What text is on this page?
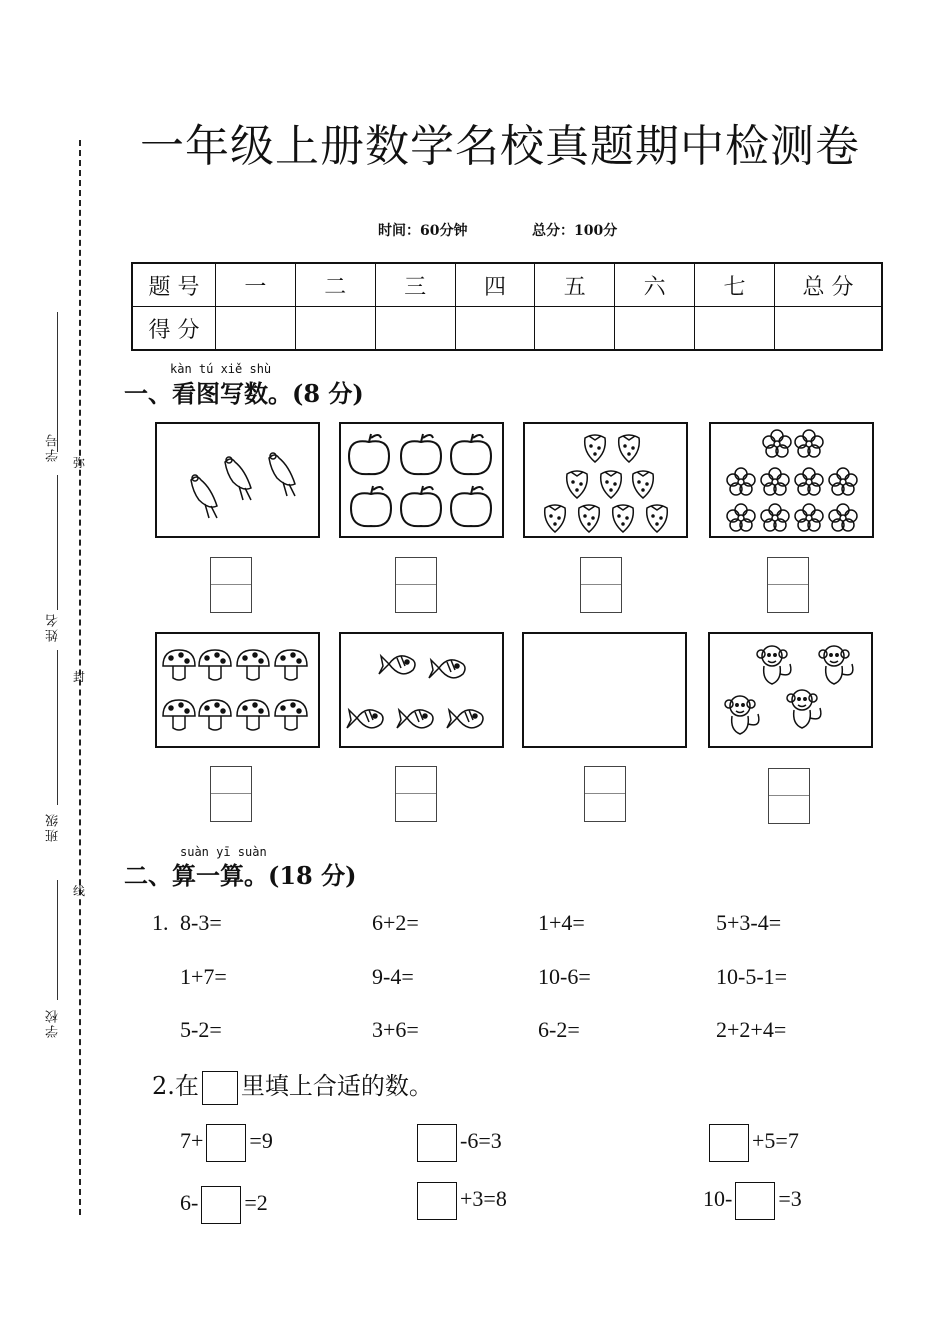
学号
姓名
班级
学校
弥
封
线
一年级上册数学名校真题期中检测卷
时间：60分钟	总分：100分
题 号	一	二	三	四	五	六	七	总 分
得 分								
kàn tú xiě shù
一、看图写数。(8 分)
suàn yī suàn
二、算一算。(18 分)
1. 8-3=	6+2=	1+4=	5+3-4=
1+7=	9-4=	10-6=	10-5-1=
5-2=	3+6=	6-2=	2+2+4=
2.在 里填上合适的数。
7+ =9	-6=3	+5=7
6- =2	+3=8	10- =3
